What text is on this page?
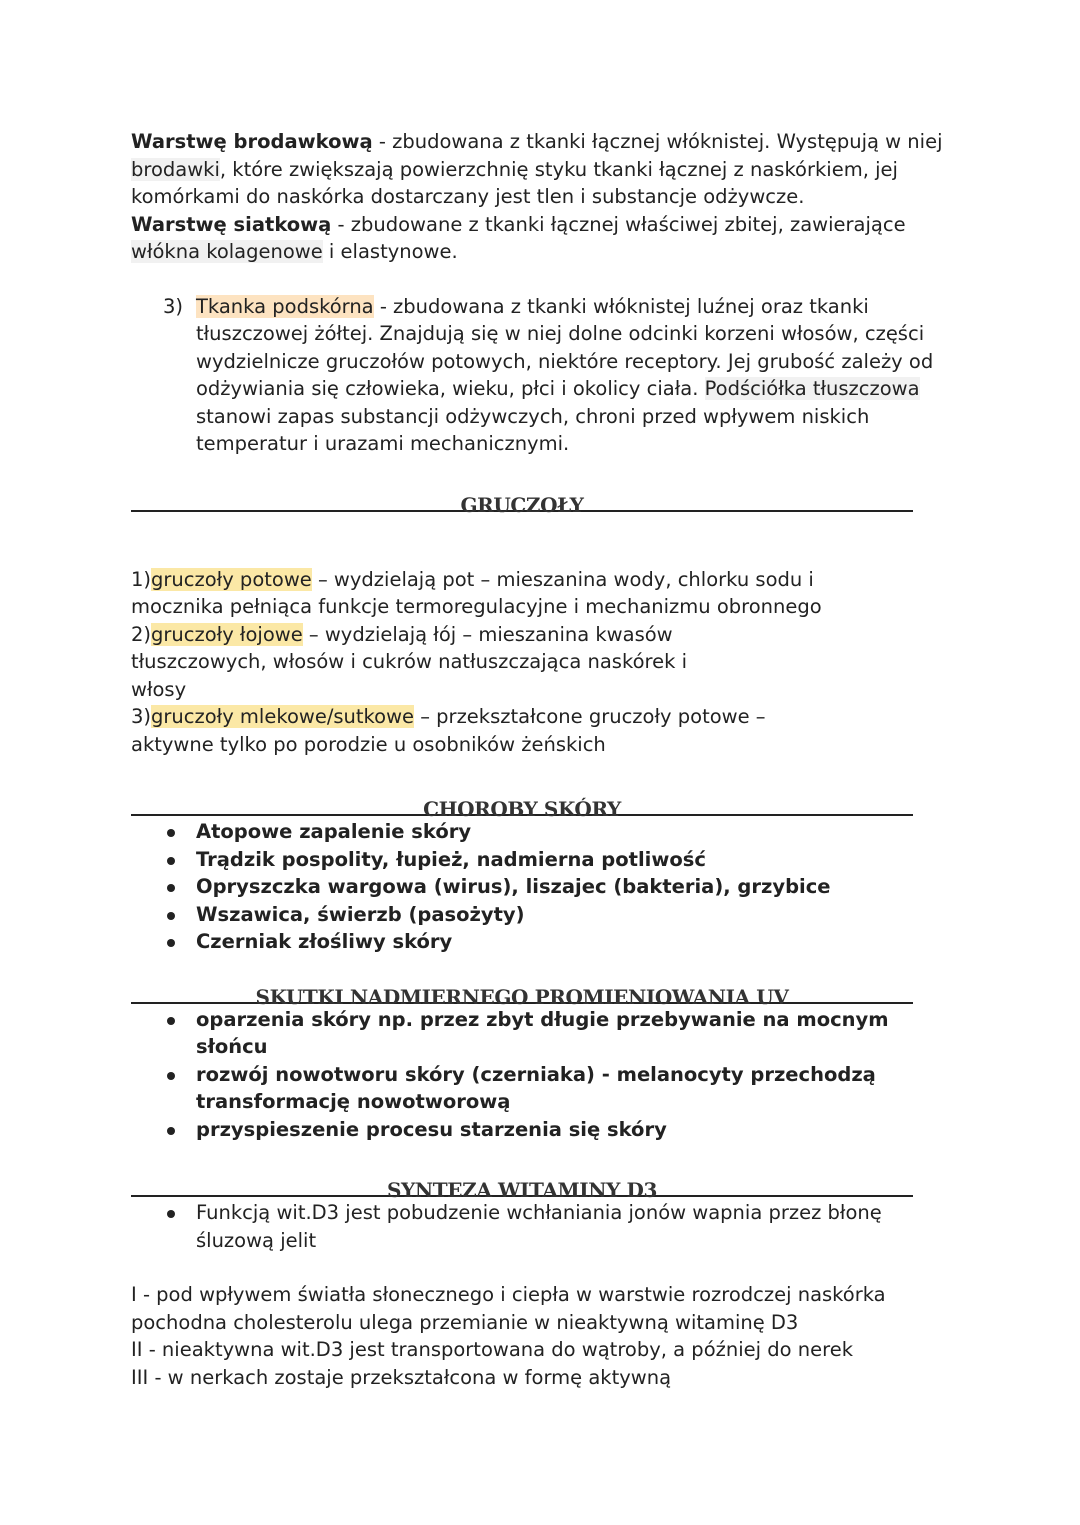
Warstwę brodawkową - zbudowana z tkanki łącznej włóknistej. Występują w niej brodawki, które zwiększają powierzchnię styku tkanki łącznej z naskórkiem, jej komórkami do naskórka dostarczany jest tlen i substancje odżywcze.

Warstwę siatkową - zbudowane z tkanki łącznej właściwej zbitej, zawierające włókna kolagenowe i elastynowe.

3) Tkanka podskórna - zbudowana z tkanki włóknistej luźnej oraz tkanki tłuszczowej żółtej. Znajdują się w niej dolne odcinki korzeni włosów, części wydzielnicze gruczołów potowych, niektóre receptory. Jej grubość zależy od odżywiania się człowieka, wieku, płci i okolicy ciała. Podściółka tłuszczowa stanowi zapas substancji odżywczych, chroni przed wpływem niskich temperatur i urazami mechanicznymi.

GRUCZOŁY

1)gruczoły potowe – wydzielają pot – mieszanina wody, chlorku sodu i mocznika pełniąca funkcje termoregulacyjne i mechanizmu obronnego

2)gruczoły łojowe – wydzielają łój – mieszanina kwasów tłuszczowych, włosów i cukrów natłuszczająca naskórek i włosy

3)gruczoły mlekowe/sutkowe – przekształcone gruczoły potowe – aktywne tylko po porodzie u osobników żeńskich

CHOROBY SKÓRY
Atopowe zapalenie skóry
Trądzik pospolity, łupież, nadmierna potliwość
Opryszczka wargowa (wirus), liszajec (bakteria), grzybice
Wszawica, świerzb (pasożyty)
Czerniak złośliwy skóry
SKUTKI NADMIERNEGO PROMIENIOWANIA UV
oparzenia skóry np. przez zbyt długie przebywanie na mocnym słońcu
rozwój nowotworu skóry (czerniaka) - melanocyty przechodzą transformację nowotworową
przyspieszenie procesu starzenia się skóry
SYNTEZA WITAMINY D3
Funkcją wit.D3 jest pobudzenie wchłaniania jonów wapnia przez błonę śluzową jelit

I - pod wpływem światła słonecznego i ciepła w warstwie rozrodczej naskórka pochodna cholesterolu ulega przemianie w nieaktywną witaminę D3

II - nieaktywna wit.D3 jest transportowana do wątroby, a później do nerek

III - w nerkach zostaje przekształcona w formę aktywną
